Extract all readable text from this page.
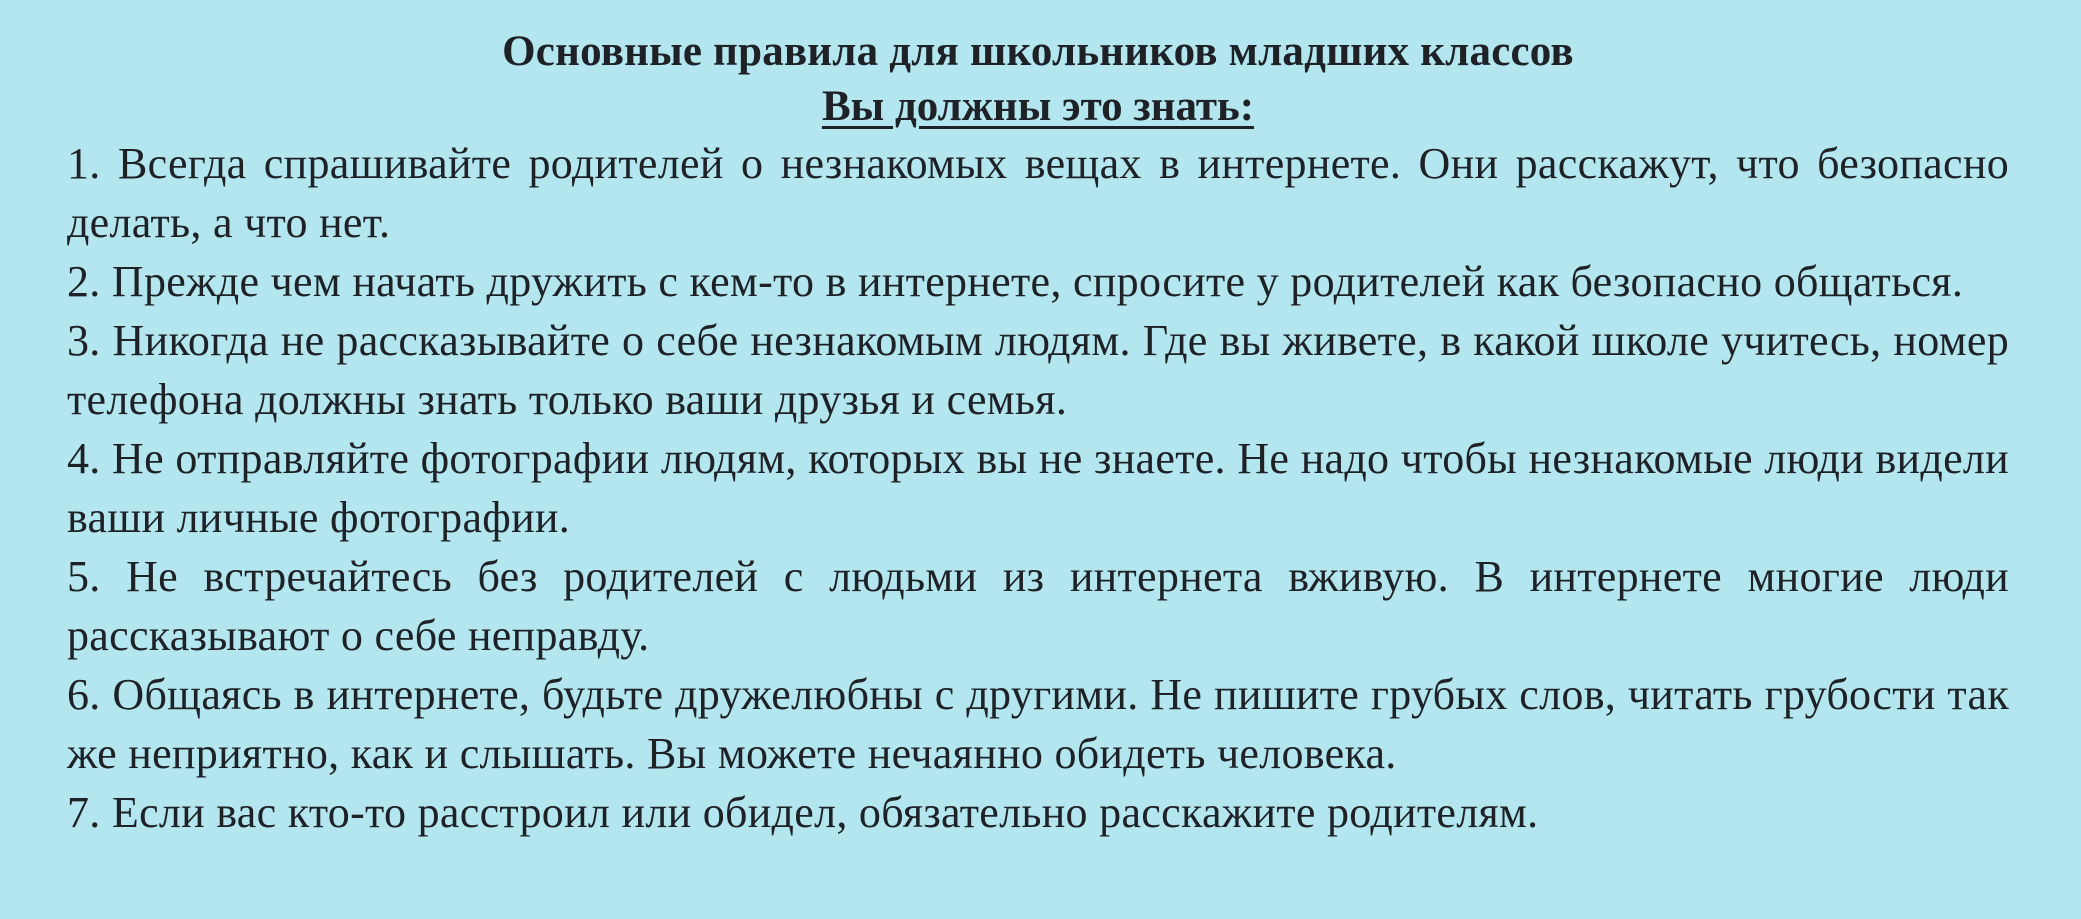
Основные правила для школьников младших классов
Вы должны это знать:
1. Всегда спрашивайте родителей о незнакомых вещах в интернете. Они расскажут, что безопасно делать, а что нет.
2. Прежде чем начать дружить с кем-то в интернете, спросите у родителей как безопасно общаться.
3. Никогда не рассказывайте о себе незнакомым людям. Где вы живете, в какой школе учитесь, номер телефона должны знать только ваши друзья и семья.
4. Не отправляйте фотографии людям, которых вы не знаете. Не надо чтобы незнакомые люди видели ваши личные фотографии.
5. Не встречайтесь без родителей с людьми из интернета вживую. В интернете многие люди рассказывают о себе неправду.
6. Общаясь в интернете, будьте дружелюбны с другими. Не пишите грубых слов, читать грубости так же неприятно, как и слышать. Вы можете нечаянно обидеть человека.
7. Если вас кто-то расстроил или обидел, обязательно расскажите родителям.
